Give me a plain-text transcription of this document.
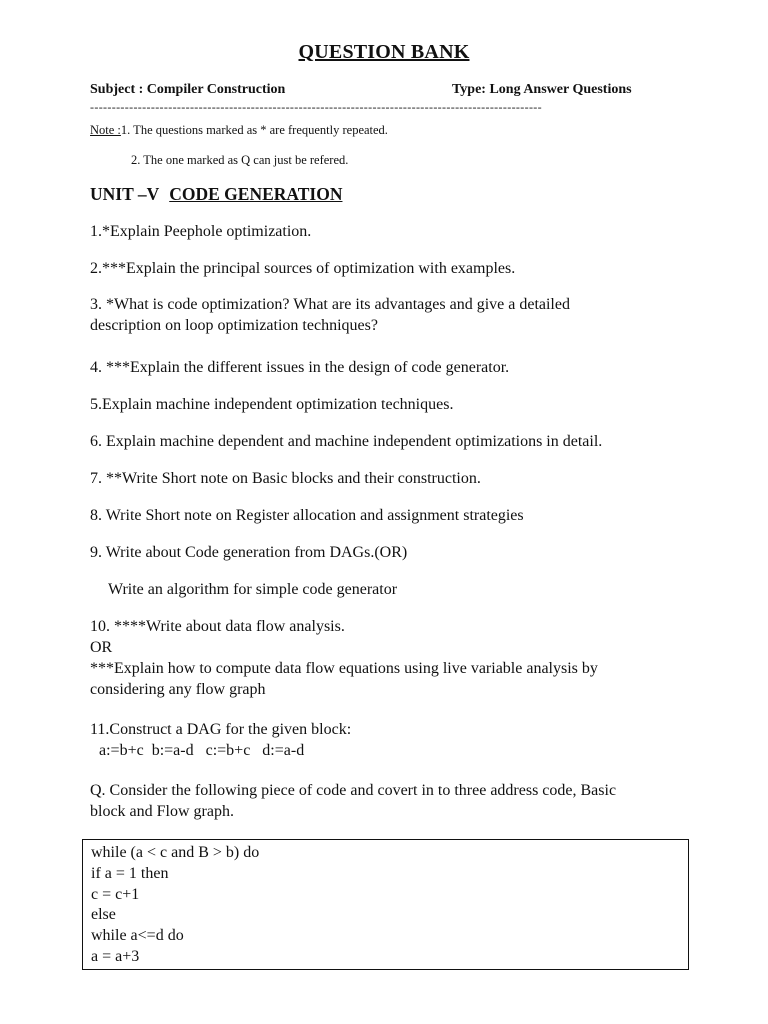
QUESTION BANK
Subject : Compiler Construction	Type: Long Answer Questions
--------------------------------------------------------------------------------------------------------
Note :1. The questions marked as * are frequently repeated.
2. The one marked as Q can just be refered.
UNIT –V CODE GENERATION
1.*Explain Peephole optimization.
2.***Explain the principal sources of optimization with examples.
3. *What is code optimization? What are its advantages and give a detailed
description on loop optimization techniques?
4. ***Explain the different issues in the design of code generator.
5.Explain machine independent optimization techniques.
6. Explain machine dependent and machine independent optimizations in detail.
7. **Write Short note on Basic blocks and their construction.
8. Write Short note on Register allocation and assignment strategies
9. Write about Code generation from DAGs.(OR)
Write an algorithm for simple code generator
10. ****Write about data flow analysis.
OR
***Explain how to compute data flow equations using live variable analysis by
considering any flow graph
11.Construct a DAG for the given block:
a:=b+c  b:=a-d   c:=b+c   d:=a-d
Q. Consider the following piece of code and covert in to three address code, Basic
block and Flow graph.
while (a < c and B > b) do
if a = 1 then
c = c+1
else
while a<=d do
a = a+3
